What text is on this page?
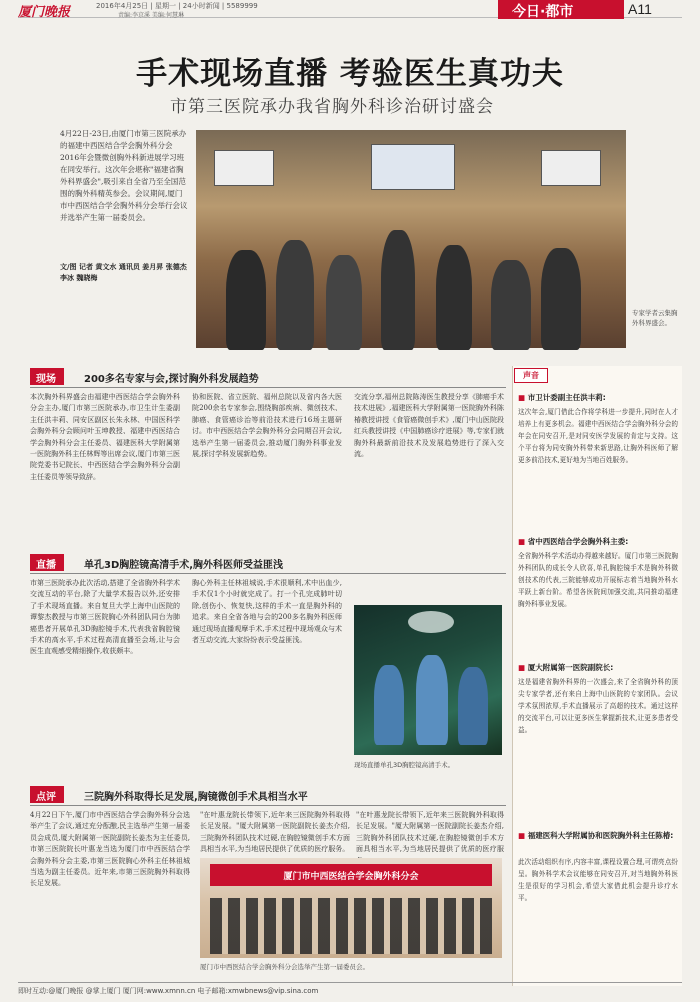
厦门晚报	2016年4月25日 | 星期一 | 24小时新闻 | 5589999
责编:李京溪 美编:何慧琳	今日·都市	A11
手术现场直播 考验医生真功夫
市第三医院承办我省胸外科诊治研讨盛会
4月22日-23日,由厦门市第三医院承办的福建中西医结合学会胸外科分会2016年会暨微创胸外科新进展学习班在同安举行。这次年会堪称"福建省胸外科界盛会",吸引来自全省乃至全国范围的胸外科精英参会。会议期间,厦门市中西医结合学会胸外科分会举行会议并选举产生第一届委员会。
文/图 记者 黄文水 通讯员 姜月昇 张德杰 李冰 魏晓梅
专家学者云集胸外科界盛会。
现场	200多名专家与会,探讨胸外科发展趋势
本次胸外科界盛会由福建中西医结合学会胸外科分会主办,厦门市第三医院承办,市卫生计生委副主任洪丰莉、同安区副区长朱永林、中国医科学会胸外科分会顾问叶玉坤教授、福建中西医结合学会胸外科分会主任委员、福建医科大学附属第一医院胸外科主任林辉等出席会议,厦门市第三医院党委书记院长、中西医结合学会胸外科分会副主任委员等领导致辞。
协和医院、省立医院、福州总院以及省内各大医院200余名专家参会,围绕胸部疾病、微创技术、肺癌、食管癌诊治等前沿技术进行16场主题研讨。市中西医结合学会胸外科分会同期召开会议,选举产生第一届委员会,推动厦门胸外科事业发展,探讨学科发展新趋势。
交流分享,福州总院陈涛医生教授分享《肺癌手术技术进展》,福建医科大学附属第一医院胸外科陈椿教授讲授《食管癌微创手术》,厦门中山医院段红兵教授讲授《中国肺癌诊疗进展》等,专家们就胸外科最新前沿技术及发展趋势进行了深入交流。
直播	单孔3D胸腔镜高清手术,胸外科医师受益匪浅
市第三医院承办此次活动,搭建了全省胸外科学术交流互动的平台,除了大量学术报告以外,还安排了手术现场直播。来自复旦大学上海中山医院的谭黎杰教授与市第三医院胸心外科团队同台为肺癌患者开展单孔3D胸腔镜手术,代表我省胸腔镜手术的高水平,手术过程高清直播至会场,让与会医生直观感受精细操作,收获颇丰。
胸心外科主任林祖城说,手术很顺利,术中出血少,手术仅1个小时就完成了。打一个孔完成肺叶切除,创伤小、恢复快,这样的手术一直是胸外科的追求。来自全省各地与会的200多名胸外科医师通过现场直播观摩手术,手术过程中现场观众与术者互动交流,大家纷纷表示受益匪浅。
现场直播单孔3D胸腔镜高清手术。
点评	三院胸外科取得长足发展,胸镜微创手术具相当水平
4月22日下午,厦门市中西医结合学会胸外科分会选举产生了会议,通过充分酝酿,民主选举产生第一届委员会成员,厦大附属第一医院副院长姜杰为主任委员,市第三医院院长叶惠龙当选为厦门市中西医结合学会胸外科分会主委,市第三医院胸心外科主任林祖城当选为副主任委员。近年来,市第三医院胸外科取得长足发展。
"在叶惠龙院长带领下,近年来三医院胸外科取得长足发展。"厦大附属第一医院副院长姜杰介绍,三院胸外科团队技术过硬,在胸腔镜微创手术方面具相当水平,为当地居民提供了优质的医疗服务。
"在叶惠龙院长带领下,近年来三医院胸外科取得长足发展。"厦大附属第一医院副院长姜杰介绍,三院胸外科团队技术过硬,在胸腔镜微创手术方面具相当水平,为当地居民提供了优质的医疗服
厦门市中西医结合学会胸外科分会
厦门市中西医结合学会胸外科分会选举产生第一届委员会。
声音
■ 市卫计委副主任洪丰莉:
这次年会,厦门借此合作将学科进一步提升,同时在人才培养上有更多机会。福建中西医结合学会胸外科分会的年会在同安召开,是对同安医学发展的肯定与支持。这个平台将为同安胸外科带来新思路,让胸外科医师了解更多前沿技术,更好地为当地百姓服务。
■ 省中西医结合学会胸外科主委:
全省胸外科学术活动办得越来越好。厦门市第三医院胸外科团队的成长令人欣喜,单孔胸腔镜手术是胸外科微创技术的代表,三院能够成功开展标志着当地胸外科水平跃上新台阶。希望各医院间加强交流,共同推动福建胸外科事业发展。
■ 厦大附属第一医院副院长:
这是福建省胸外科界的一次盛会,来了全省胸外科的顶尖专家学者,还有来自上海中山医院的专家团队。会议学术氛围浓厚,手术直播展示了高超的技术。通过这样的交流平台,可以让更多医生掌握新技术,让更多患者受益。
■ 福建医科大学附属协和医院胸外科主任陈椿:
此次活动组织有序,内容丰富,课程设置合理,可谓亮点纷呈。胸外科学术会议能够在同安召开,对当地胸外科医生是很好的学习机会,希望大家借此机会提升诊疗水平。
即时互动:@厦门晚报 @掌上厦门 厦门网:www.xmnn.cn 电子邮箱:xmwbnews@vip.sina.com
